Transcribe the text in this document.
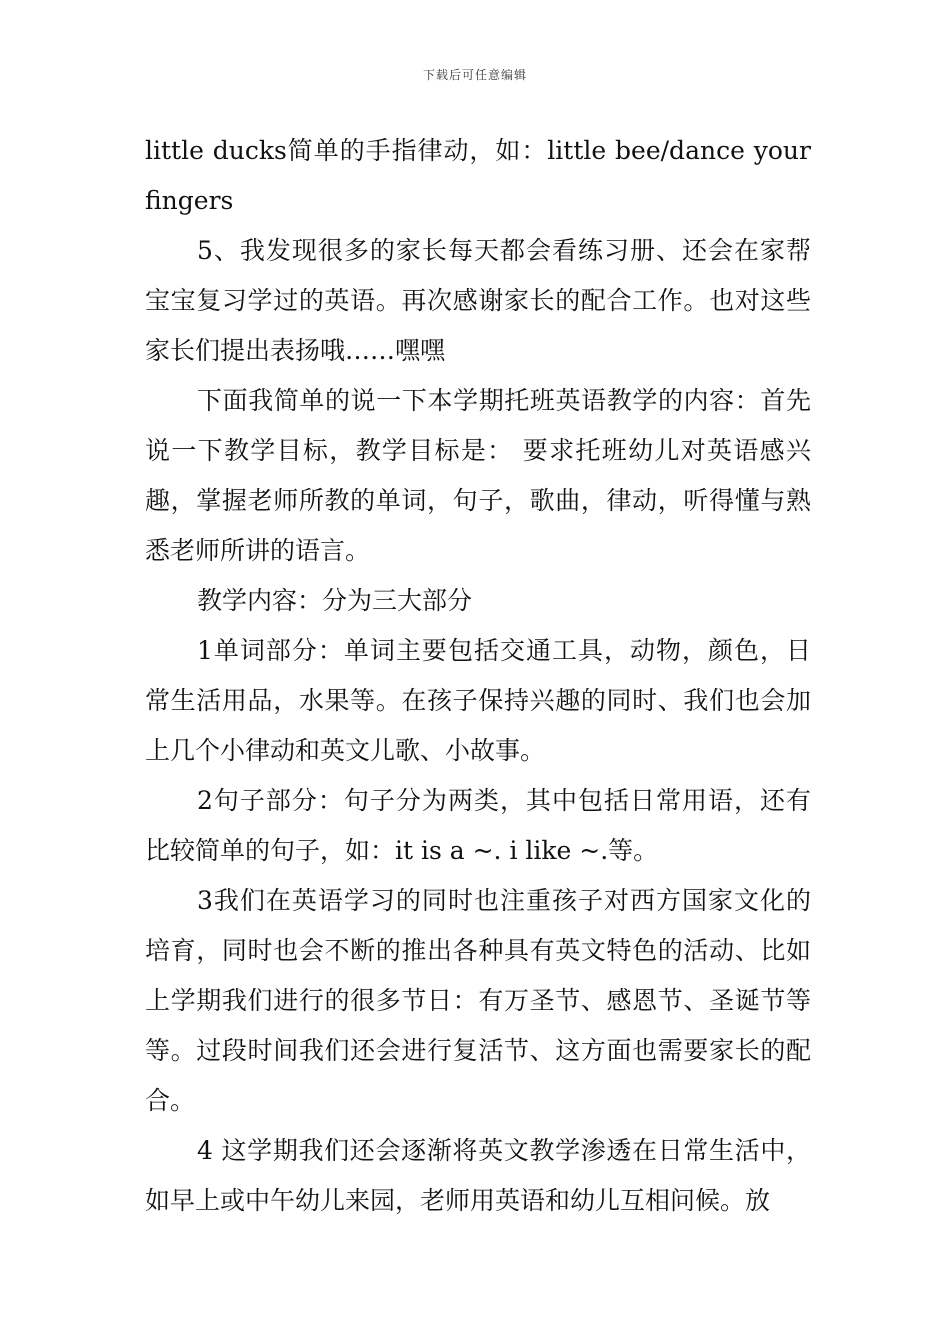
下载后可任意编辑

little ducks简单的手指律动，如：little bee/dance your fingers

5、我发现很多的家长每天都会看练习册、还会在家帮宝宝复习学过的英语。再次感谢家长的配合工作。也对这些家长们提出表扬哦……嘿嘿

下面我简单的说一下本学期托班英语教学的内容：首先说一下教学目标，教学目标是： 要求托班幼儿对英语感兴趣，掌握老师所教的单词，句子，歌曲，律动，听得懂与熟悉老师所讲的语言。

教学内容：分为三大部分

1单词部分：单词主要包括交通工具，动物，颜色，日常生活用品，水果等。在孩子保持兴趣的同时、我们也会加上几个小律动和英文儿歌、小故事。

2句子部分：句子分为两类，其中包括日常用语，还有比较简单的句子，如：it is a ~. i like ~.等。

3我们在英语学习的同时也注重孩子对西方国家文化的培育，同时也会不断的推出各种具有英文特色的活动、比如上学期我们进行的很多节日：有万圣节、感恩节、圣诞节等等。过段时间我们还会进行复活节、这方面也需要家长的配合。

4 这学期我们还会逐渐将英文教学渗透在日常生活中，如早上或中午幼儿来园，老师用英语和幼儿互相问候。放
